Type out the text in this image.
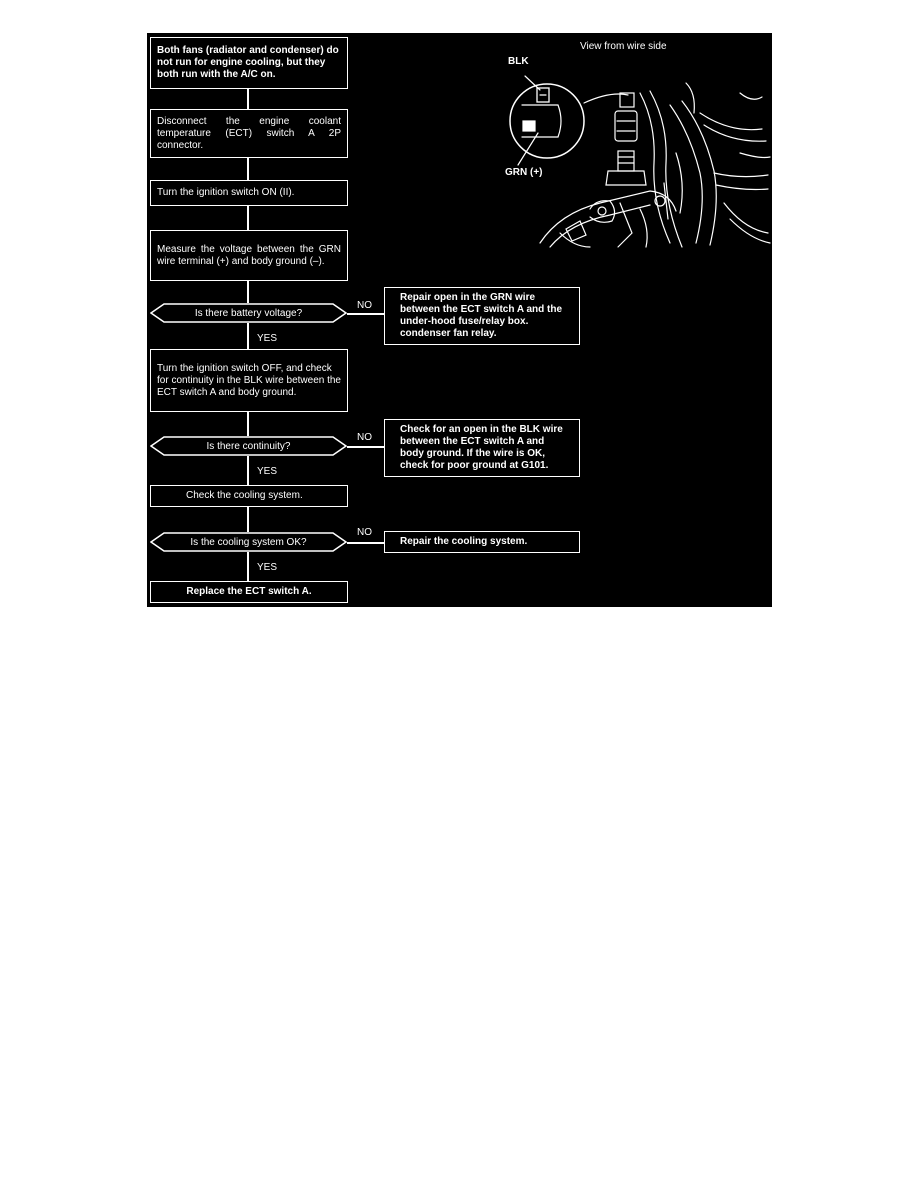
Both fans (radiator and condenser) do not run for engine cooling, but they both run with the A/C on.
Disconnect the engine coolant temperature (ECT) switch A 2P connector.
Turn the ignition switch ON (II).
Measure the voltage between the GRN wire terminal (+) and body ground (–).
Is there battery voltage?
NO
Repair open in the GRN wire between the ECT switch A and the under-hood fuse/relay box. condenser fan relay.
YES
Turn the ignition switch OFF, and check for continuity in the BLK wire between the ECT switch A and body ground.
Is there continuity?
NO
Check for an open in the BLK wire between the ECT switch A and body ground. If the wire is OK, check for poor ground at G101.
YES
Check the cooling system.
Is the cooling system OK?
NO
Repair the cooling system.
YES
Replace the ECT switch A.
View from wire side
BLK
GRN (+)
